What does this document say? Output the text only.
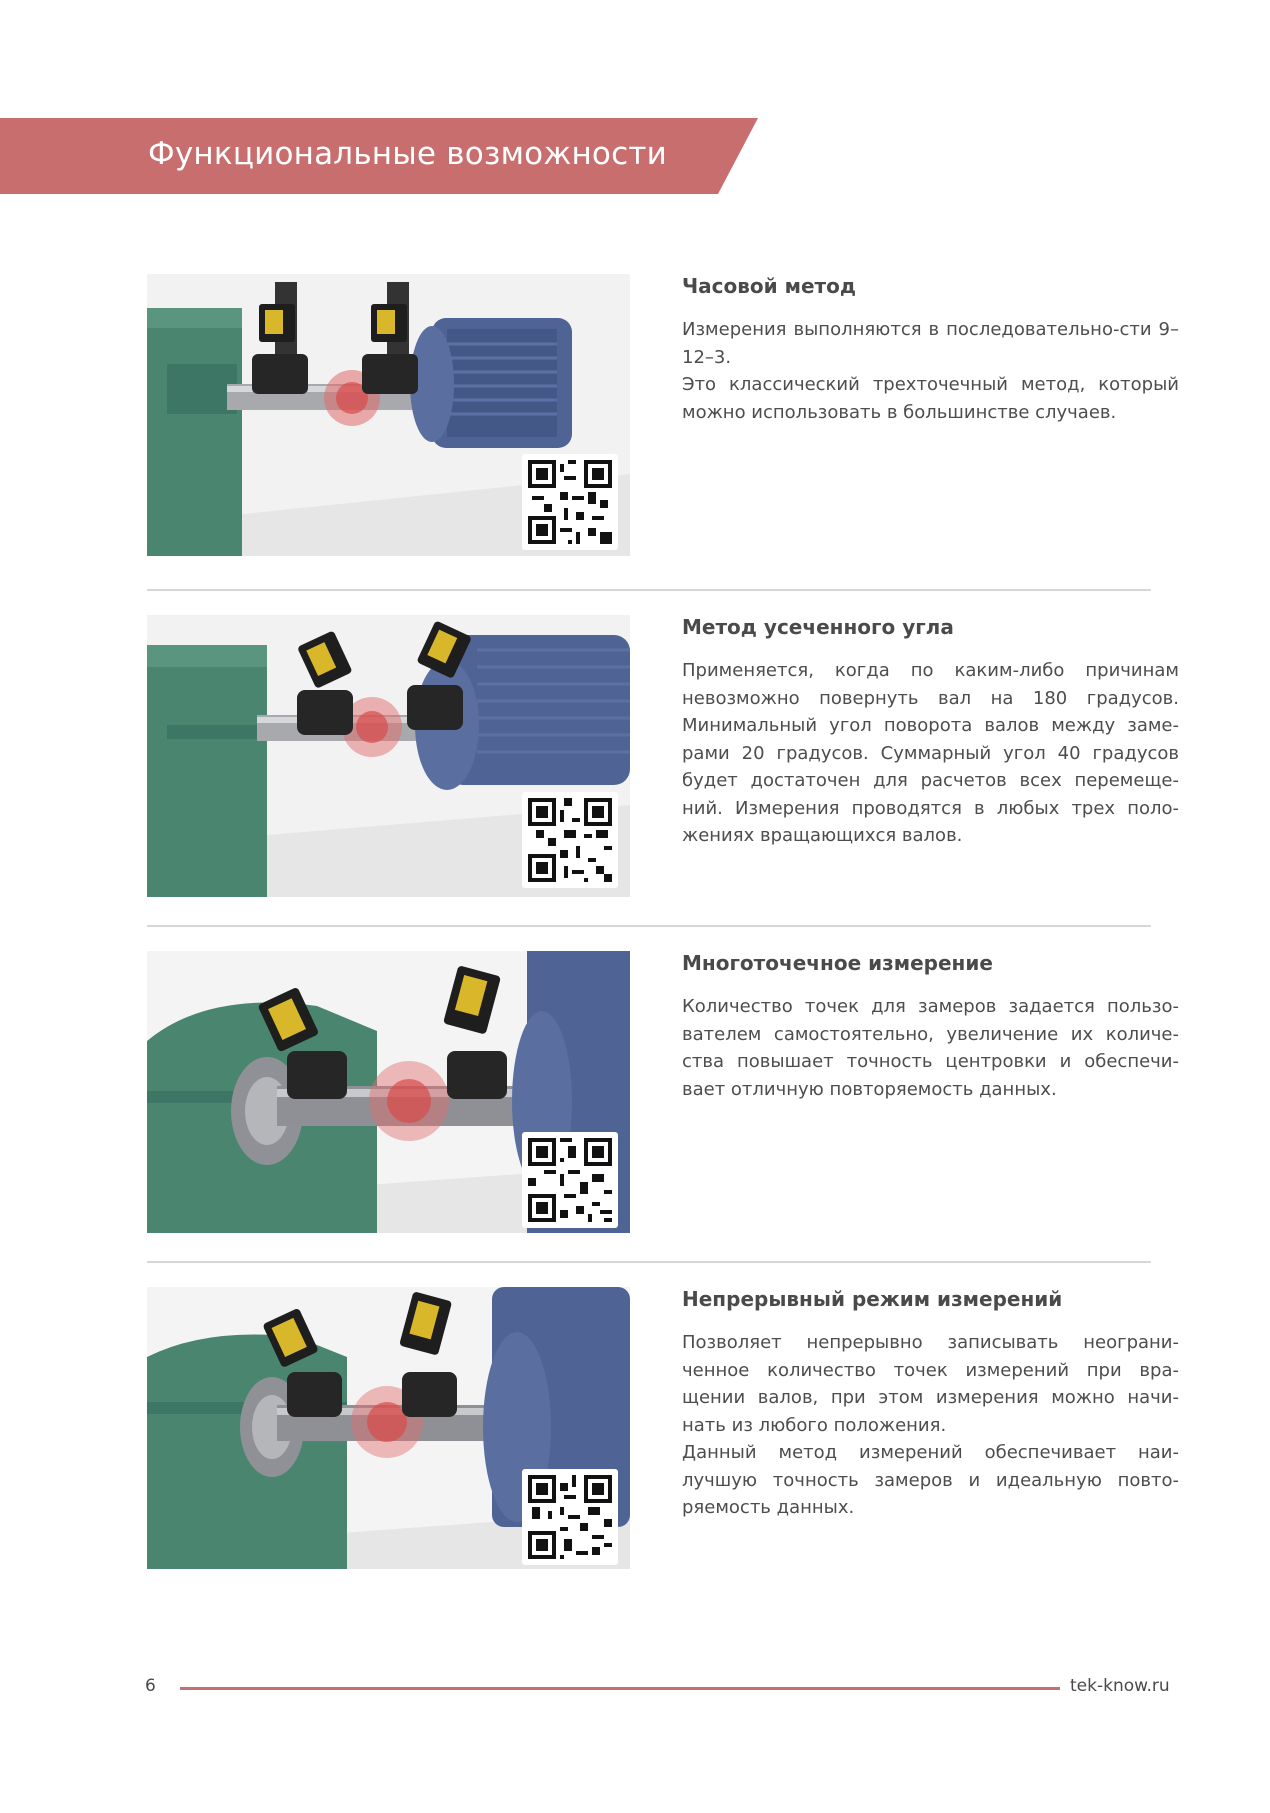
Функциональные возможности
Часовой метод
Измерения выполняются в последовательно-сти 9–12–3.
Это классический трехточечный метод, который можно использовать в большинстве случаев.
Метод усеченного угла
Применяется, когда по каким-либо причинам невозможно повернуть вал на 180 градусов. Минимальный угол поворота валов между заме-рами 20 градусов. Суммарный угол 40 градусов будет достаточен для расчетов всех перемеще-ний. Измерения проводятся в любых трех поло-жениях вращающихся валов.
Многоточечное измерение
Количество точек для замеров задается пользо-вателем самостоятельно, увеличение их количе-ства повышает точность центровки и обеспечи-вает отличную повторяемость данных.
Непрерывный режим измерений
Позволяет непрерывно записывать неограни-ченное количество точек измерений при вра-щении валов, при этом измерения можно начи-нать из любого положения.
Данный метод измерений обеспечивает наи-лучшую точность замеров и идеальную повто-ряемость данных.
6	tek-know.ru
